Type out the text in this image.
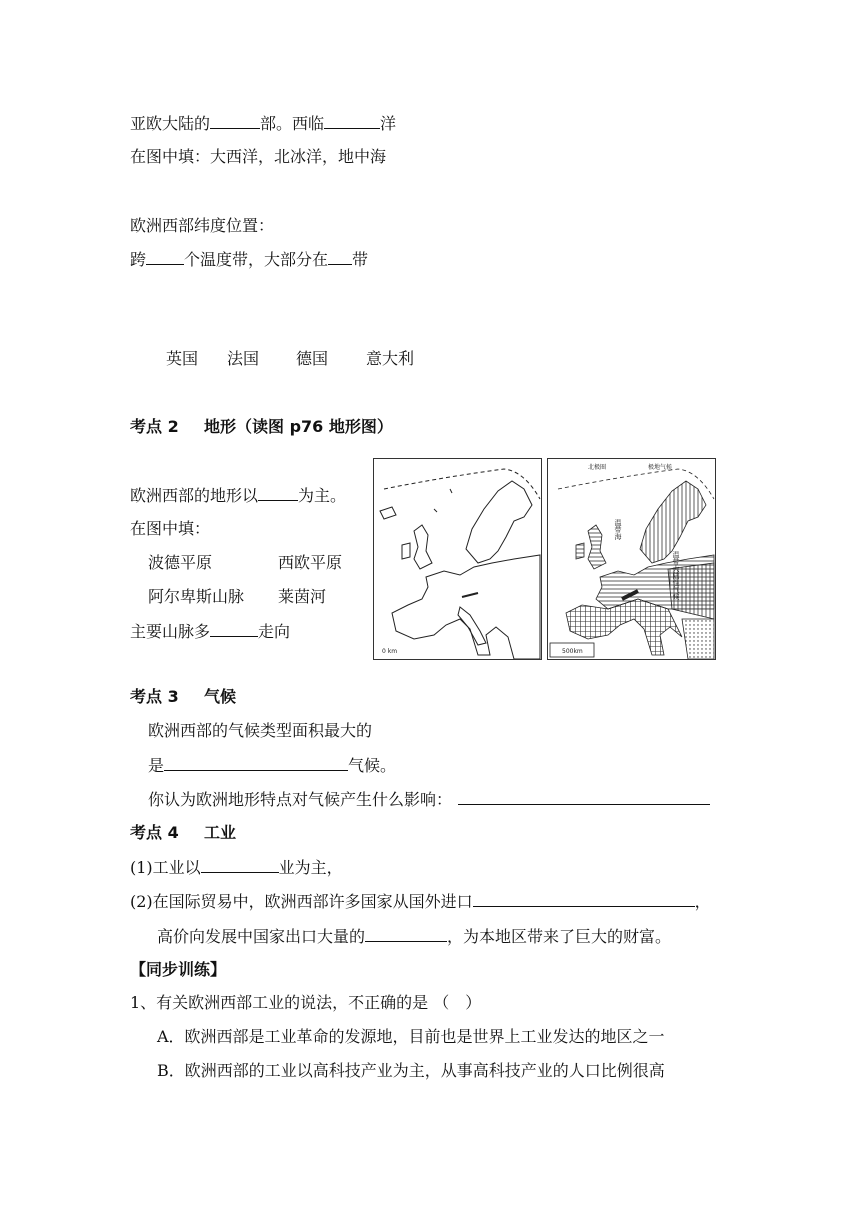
亚欧大陆的	部。西临	洋
在图中填：大西洋，北冰洋，地中海
欧洲西部纬度位置：
跨 个温度带，大部分在 带
英国 法国 德国 意大利
考点 2 地形（读图 p76 地形图）
欧洲西部的地形以	为主。
在图中填：
波德平原	西欧平原
阿尔卑斯山脉 莱茵河
主要山脉多	走向
0 km
极地气候
北极圈
温带海
温带大陆性气候
500km
考点 3 气候
欧洲西部的气候类型面积最大的
是	气候。
你认为欧洲地形特点对气候产生什么影响：
考点 4 工业
(1)工业以	业为主，
(2)在国际贸易中，欧洲西部许多国家从国外进口	，
高价向发展中国家出口大量的	，为本地区带来了巨大的财富。
【同步训练】
1、有关欧洲西部工业的说法，不正确的是 （　）
A．欧洲西部是工业革命的发源地，目前也是世界上工业发达的地区之一
B．欧洲西部的工业以高科技产业为主，从事高科技产业的人口比例很高
